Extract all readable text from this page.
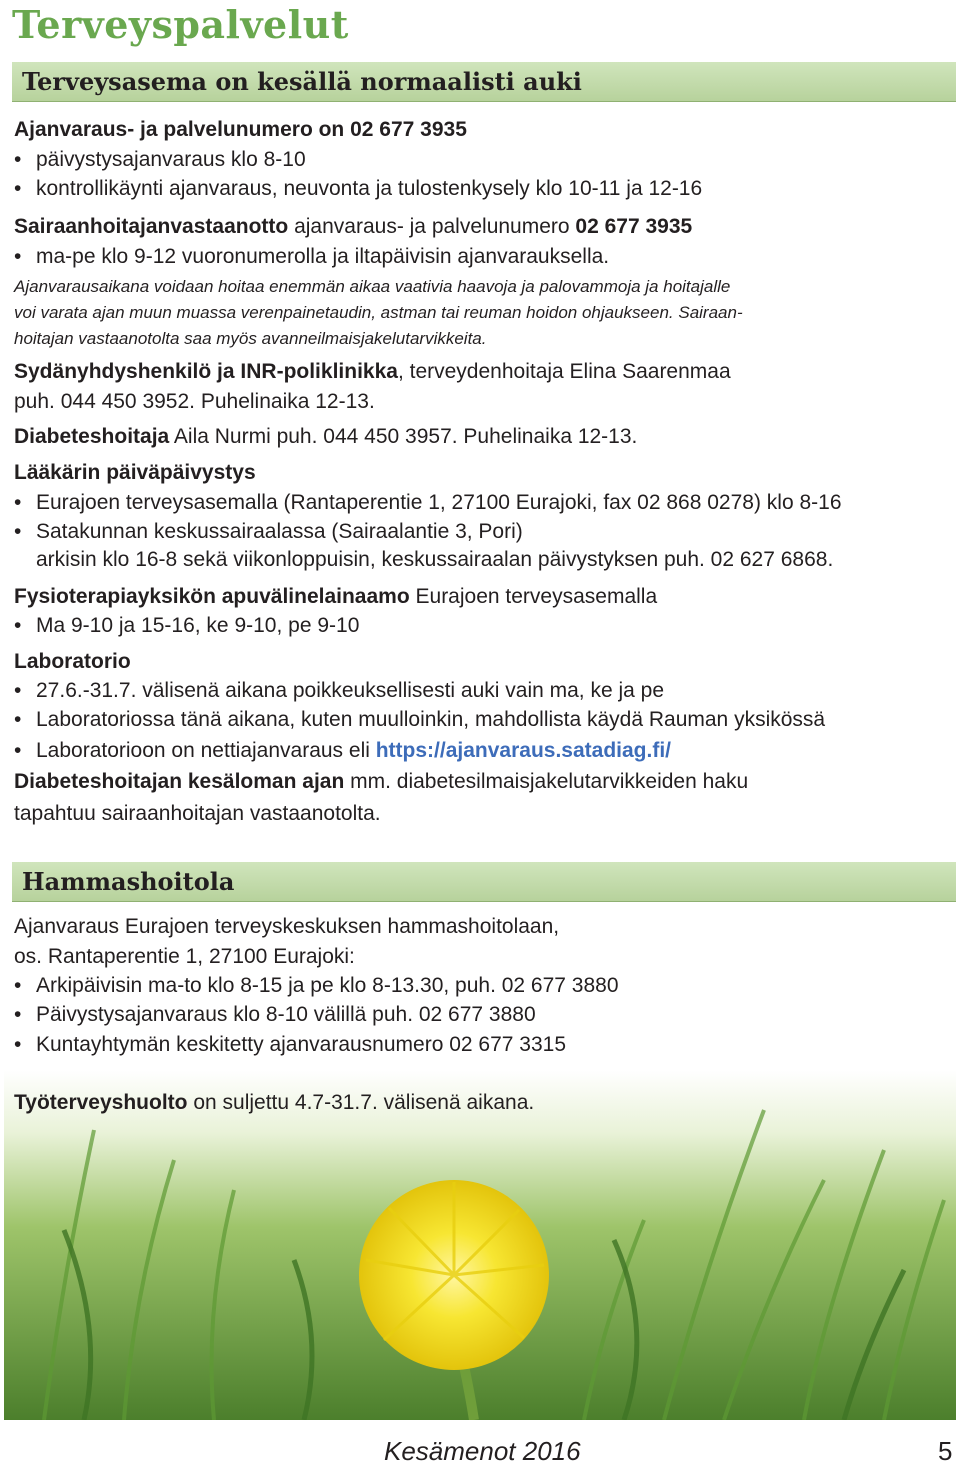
Terveyspalvelut
Terveysasema on kesällä normaalisti auki
Ajanvaraus- ja palvelunumero on 02 677 3935
• päivystysajanvaraus klo 8-10
• kontrollikäynti ajanvaraus, neuvonta ja tulostenkysely klo 10-11 ja 12-16
Sairaanhoitajanvastaanotto ajanvaraus- ja palvelunumero 02 677 3935
• ma-pe klo 9-12 vuoronumerolla ja iltapäivisin ajanvarauksella.
Ajanvarausaikana voidaan hoitaa enemmän aikaa vaativia haavoja ja palovammoja ja hoitajalle
voi varata ajan muun muassa verenpainetaudin, astman tai reuman hoidon ohjaukseen. Sairaan-
hoitajan vastaanotolta saa myös avanneilmaisjakelutarvikkeita.
Sydänyhdyshenkilö ja INR-poliklinikka, terveydenhoitaja Elina Saarenmaa
puh. 044 450 3952. Puhelinaika 12-13.
Diabeteshoitaja Aila Nurmi puh. 044 450 3957. Puhelinaika 12-13.
Lääkärin päiväpäivystys
• Eurajoen terveysasemalla (Rantaperentie 1, 27100 Eurajoki, fax 02 868 0278) klo 8-16
• Satakunnan keskussairaalassa (Sairaalantie 3, Pori)
arkisin klo 16-8 sekä viikonloppuisin, keskussairaalan päivystyksen puh. 02 627 6868.
Fysioterapiayksikön apuvälinelainaamo Eurajoen terveysasemalla
• Ma 9-10 ja 15-16, ke 9-10, pe 9-10
Laboratorio
• 27.6.-31.7. välisenä aikana poikkeuksellisesti auki vain ma, ke ja pe
• Laboratoriossa tänä aikana, kuten muulloinkin, mahdollista käydä Rauman yksikössä
• Laboratorioon on nettiajanvaraus eli https://ajanvaraus.satadiag.fi/
Diabeteshoitajan kesäloman ajan mm. diabetesilmaisjakelutarvikkeiden haku
tapahtuu sairaanhoitajan vastaanotolta.
Hammashoitola
Ajanvaraus Eurajoen terveyskeskuksen hammashoitolaan,
os. Rantaperentie 1, 27100 Eurajoki:
• Arkipäivisin ma-to klo 8-15 ja pe klo 8-13.30, puh. 02 677 3880
• Päivystysajanvaraus klo 8-10 välillä puh. 02 677 3880
• Kuntayhtymän keskitetty ajanvarausnumero 02 677 3315
Työterveyshuolto on suljettu 4.7-31.7. välisenä aikana.
Kesämenot 2016	5
